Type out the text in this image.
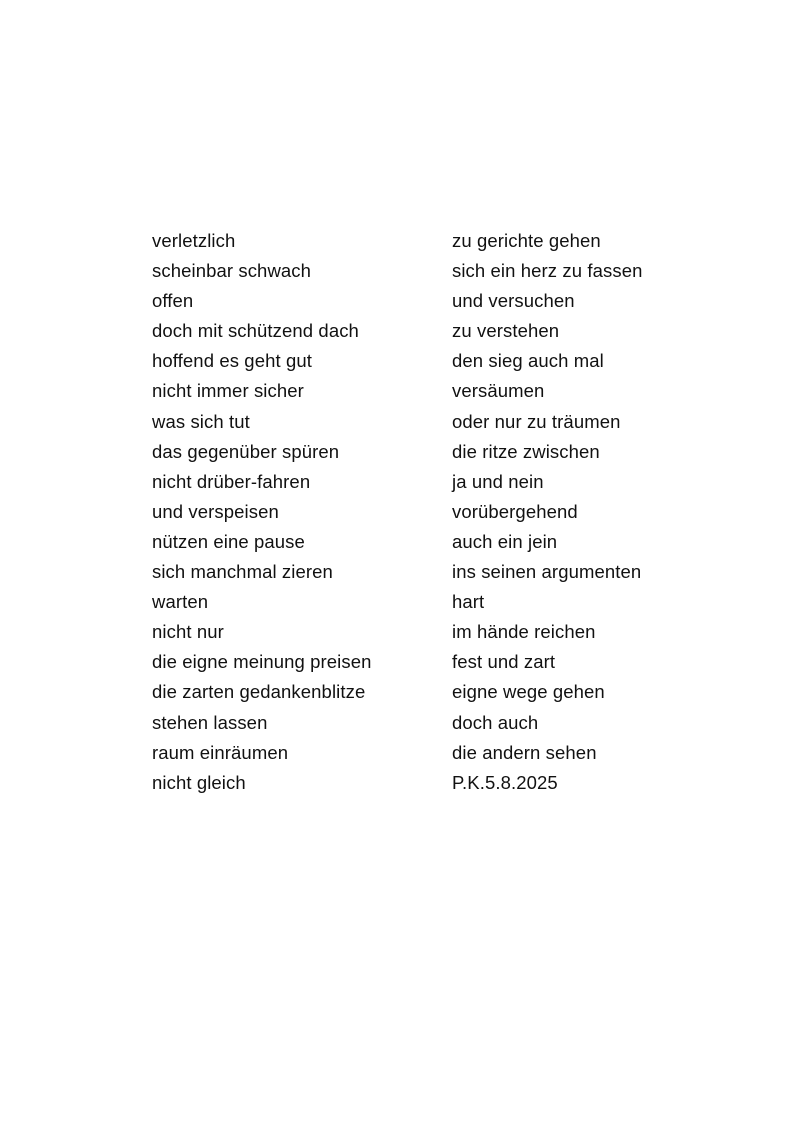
verletzlich
scheinbar schwach
offen
doch mit schützend dach
hoffend es geht gut
nicht immer sicher
was sich tut
das gegenüber spüren
nicht drüber-fahren
und verspeisen
nützen eine pause
sich manchmal zieren
warten
nicht nur
die eigne meinung preisen
die zarten gedankenblitze
stehen lassen
raum einräumen
nicht gleich
zu gerichte gehen
sich ein herz zu fassen
und versuchen
zu verstehen
den sieg auch mal
versäumen
oder nur zu träumen
die ritze zwischen
ja und nein
vorübergehend
auch ein jein
ins seinen argumenten
hart
im hände reichen
fest und zart
eigne wege gehen
doch auch
die andern sehen
P.K.5.8.2025
